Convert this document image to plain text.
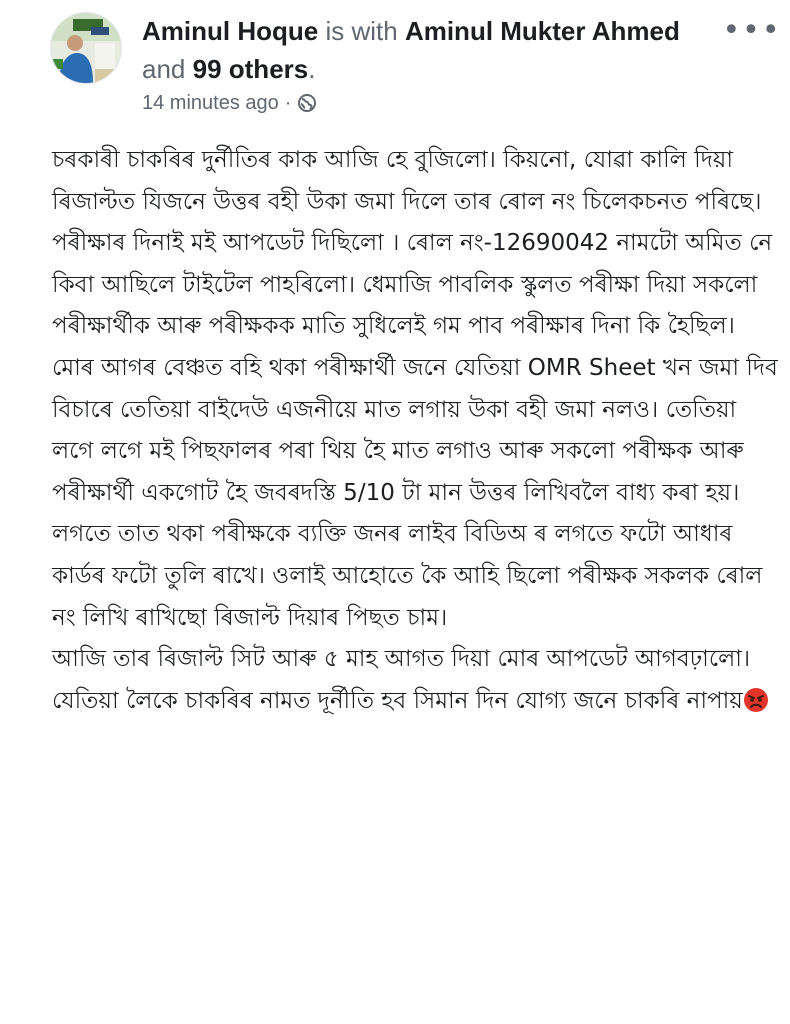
Aminul Hoque is with Aminul Mukter Ahmed and 99 others.
14 minutes ago ·
•••

চৰকাৰী চাকৰিৰ দুৰ্নীতিৰ কাক আজি হে বুজিলো। কিয়নো, যোৱা কালি দিয়া ৰিজাল্টত যিজনে উত্তৰ বহী উকা জমা দিলে তাৰ ৰোল নং চিলেকচনত পৰিছে। পৰীক্ষাৰ দিনাই মই আপডেট দিছিলো । ৰোল নং-12690042 নামটো অমিত নে কিবা আছিলে টাইটেল পাহৰিলো। ধেমাজি পাবলিক স্কুলত পৰীক্ষা দিয়া সকলো পৰীক্ষাৰ্থীক আৰু পৰীক্ষকক মাতি সুধিলেই গম পাব পৰীক্ষাৰ দিনা কি হৈছিল। মোৰ আগৰ বেঞ্চত বহি থকা পৰীক্ষাৰ্থী জনে যেতিয়া OMR Sheet খন জমা দিব বিচাৰে তেতিয়া বাইদেউ এজনীয়ে মাত লগায় উকা বহী জমা নলও। তেতিয়া লগে লগে মই পিছফালৰ পৰা থিয় হৈ মাত লগাও আৰু সকলো পৰীক্ষক আৰু পৰীক্ষাৰ্থী একগোট হৈ জবৰদস্তি 5/10 টা মান উত্তৰ লিখিবলৈ বাধ্য কৰা হয়। লগতে তাত থকা পৰীক্ষকে ব্যক্তি জনৰ লাইব বিডিঅ ৰ লগতে ফটো আধাৰ কাৰ্ডৰ ফটো তুলি ৰাখে। ওলাই আহোতে কৈ আহি ছিলো পৰীক্ষক সকলক ৰোল নং লিখি ৰাখিছো ৰিজাল্ট দিয়াৰ পিছত চাম।

আজি তাৰ ৰিজাল্ট সিট আৰু ৫ মাহ আগত দিয়া মোৰ আপডেট আগবঢ়ালো।

যেতিয়া লৈকে চাকৰিৰ নামত দূৰ্নীতি হব সিমান দিন যোগ্য জনে চাকৰি নাপায়
